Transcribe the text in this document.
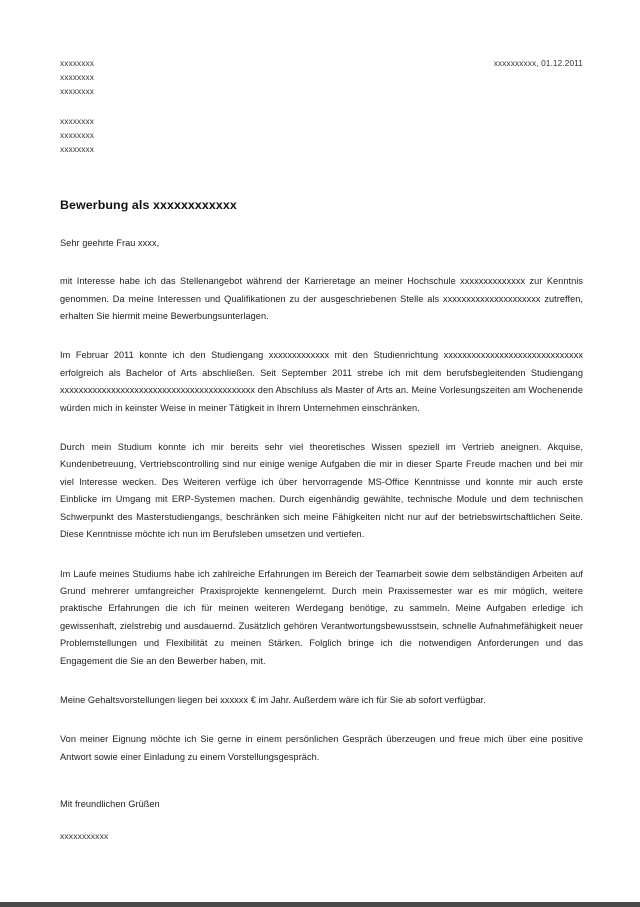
xxxxxxxx
xxxxxxxx
xxxxxxxx
xxxxxxxx
xxxxxxxx
xxxxxxxx
xxxxxxxxxx, 01.12.2011
Bewerbung als xxxxxxxxxxxx
Sehr geehrte Frau xxxx,
mit Interesse habe ich das Stellenangebot während der Karrieretage an meiner Hochschule xxxxxxxxxxxxxx zur Kenntnis genommen. Da meine Interessen und Qualifikationen zu der ausgeschriebenen Stelle als xxxxxxxxxxxxxxxxxxxxx zutreffen, erhalten Sie hiermit meine Bewerbungsunterlagen.
Im Februar 2011 konnte ich den Studiengang xxxxxxxxxxxxx mit den Studienrichtung xxxxxxxxxxxxxxxxxxxxxxxxxxxxxx erfolgreich als Bachelor of Arts abschließen. Seit September 2011 strebe ich mit dem berufsbegleitenden Studiengang xxxxxxxxxxxxxxxxxxxxxxxxxxxxxxxxxxxxxxxxxx den Abschluss als Master of Arts an. Meine Vorlesungszeiten am Wochenende würden mich in keinster Weise in meiner Tätigkeit in Ihrem Unternehmen einschränken.
Durch mein Studium konnte ich mir bereits sehr viel theoretisches Wissen speziell im Vertrieb aneignen. Akquise, Kundenbetreuung, Vertriebscontrolling sind nur einige wenige Aufgaben die mir in dieser Sparte Freude machen und bei mir viel Interesse wecken. Des Weiteren verfüge ich über hervorragende MS-Office Kenntnisse und konnte mir auch erste Einblicke im Umgang mit ERP-Systemen machen. Durch eigenhändig gewählte, technische Module und dem technischen Schwerpunkt des Masterstudiengangs, beschränken sich meine Fähigkeiten nicht nur auf der betriebswirtschaftlichen Seite. Diese Kenntnisse möchte ich nun im Berufsleben umsetzen und vertiefen.
Im Laufe meines Studiums habe ich zahlreiche Erfahrungen im Bereich der Teamarbeit sowie dem selbständigen Arbeiten auf Grund mehrerer umfangreicher Praxisprojekte kennengelernt. Durch mein Praxissemester war es mir möglich, weitere praktische Erfahrungen die ich für meinen weiteren Werdegang benötige, zu sammeln. Meine Aufgaben erledige ich gewissenhaft, zielstrebig und ausdauernd. Zusätzlich gehören Verantwortungsbewusstsein, schnelle Aufnahmefähigkeit neuer Problemstellungen und Flexibilität zu meinen Stärken. Folglich bringe ich die notwendigen Anforderungen und das Engagement die Sie an den Bewerber haben, mit.
Meine Gehaltsvorstellungen liegen bei xxxxxx € im Jahr. Außerdem wäre ich für Sie ab sofort verfügbar.
Von meiner Eignung möchte ich Sie gerne in einem persönlichen Gespräch überzeugen und freue mich über eine positive Antwort sowie einer Einladung zu einem Vorstellungsgespräch.
Mit freundlichen Grüßen
xxxxxxxxxxx
